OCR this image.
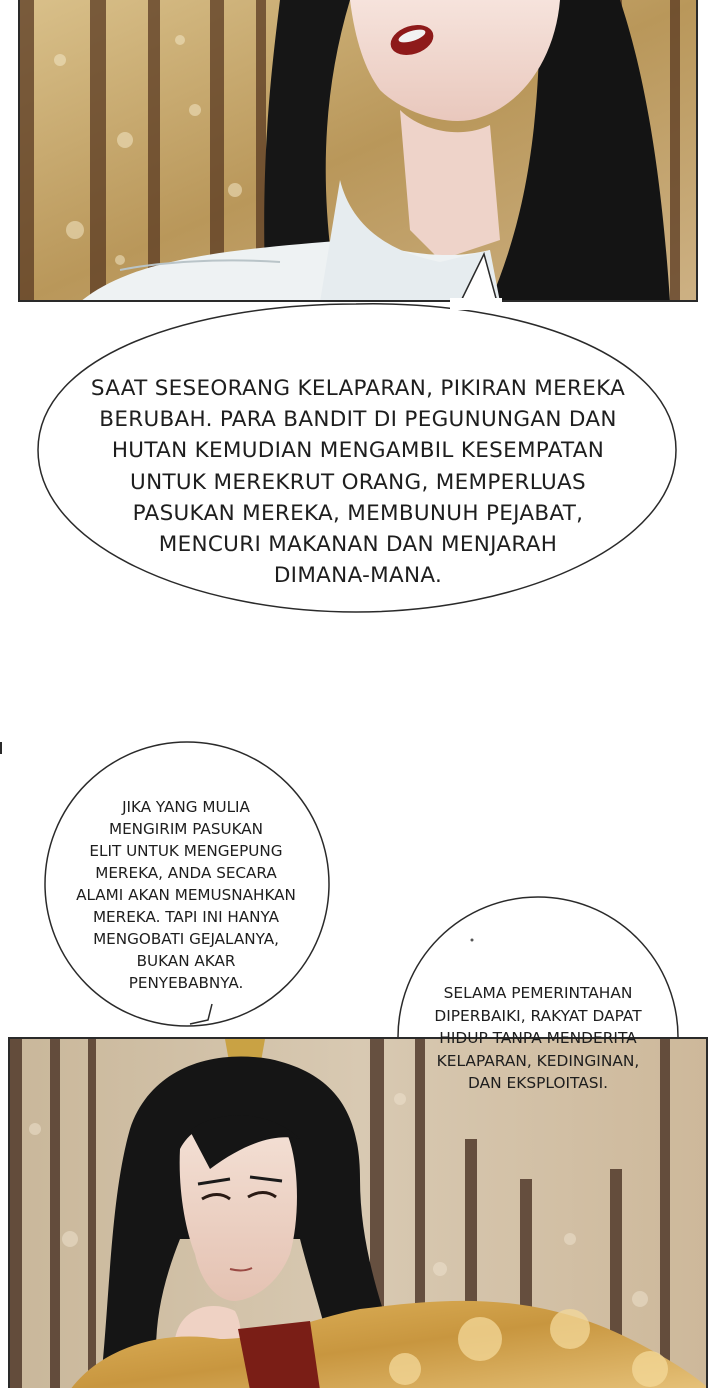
SAAT SESEORANG KELAPARAN, PIKIRAN MEREKA
BERUBAH. PARA BANDIT DI PEGUNUNGAN DAN
HUTAN KEMUDIAN MENGAMBIL KESEMPATAN
UNTUK MEREKRUT ORANG, MEMPERLUAS
PASUKAN MEREKA, MEMBUNUH PEJABAT,
MENCURI MAKANAN DAN MENJARAH
DIMANA-MANA.

JIKA YANG MULIA
MENGIRIM PASUKAN
ELIT UNTUK MENGEPUNG
MEREKA, ANDA SECARA
ALAMI AKAN MEMUSNAHKAN
MEREKA. TAPI INI HANYA
MENGOBATI GEJALANYA,
BUKAN AKAR
PENYEBABNYA.

SELAMA PEMERINTAHAN
DIPERBAIKI, RAKYAT DAPAT
HIDUP TANPA MENDERITA
KELAPARAN, KEDINGINAN,
DAN EKSPLOITASI.
